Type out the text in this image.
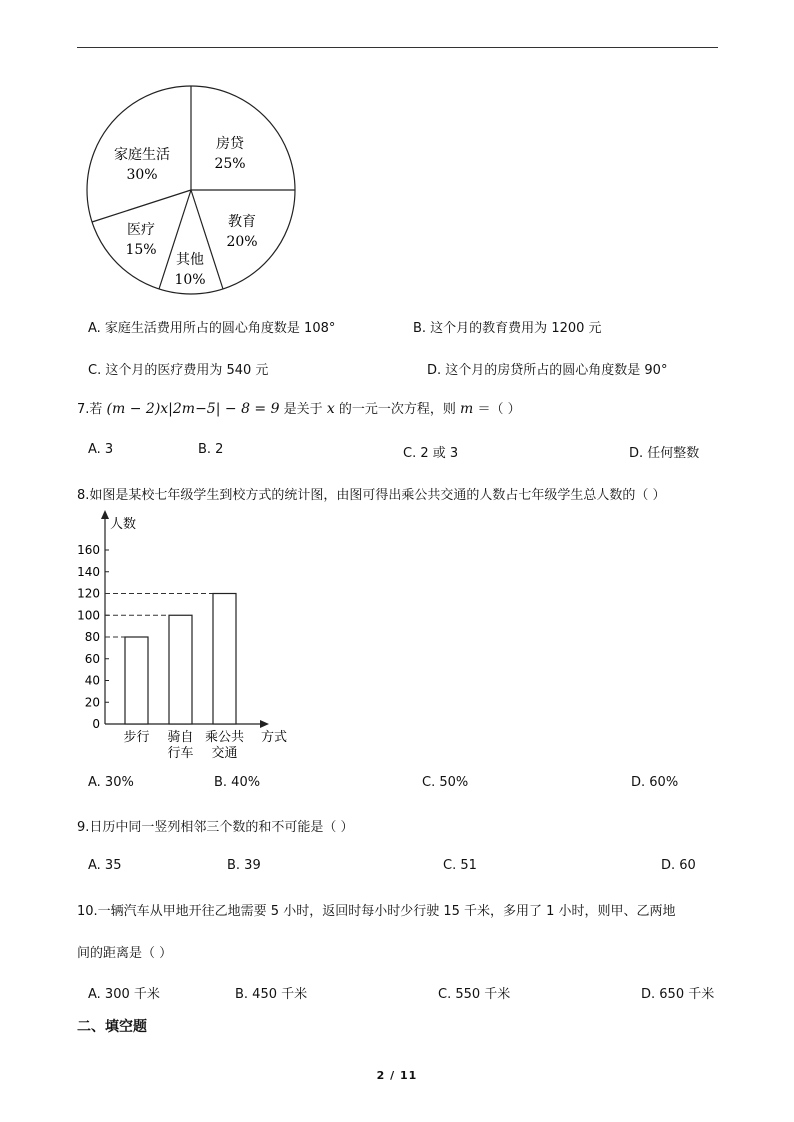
房贷
25%
教育
20%
其他
10%
医疗
15%
家庭生活
30%
A. 家庭生活费用所占的圆心角度数是 108°	B. 这个月的教育费用为 1200 元
C. 这个月的医疗费用为 540 元	D. 这个月的房贷所占的圆心角度数是 90°
7.若 (m − 2)x|2m−5| − 8 = 9 是关于 x 的一元一次方程，则 m ＝（ ）
A. 3	B. 2	C. 2 或 3	D. 任何整数
8.如图是某校七年级学生到校方式的统计图，由图可得出乘公共交通的人数占七年级学生总人数的（ ）
人数
方式
0
20
40
60
80
100
120
140
160
步行 骑自
行车
乘公共
交通
A. 30%	B. 40%	C. 50%	D. 60%
9.日历中同一竖列相邻三个数的和不可能是（ ）
A. 35	B. 39	C. 51	D. 60
10.一辆汽车从甲地开往乙地需要 5 小时，返回时每小时少行驶 15 千米，多用了 1 小时，则甲、乙两地
间的距离是（ ）
A. 300 千米	B. 450 千米	C. 550 千米	D. 650 千米
二、填空题
2 / 11
